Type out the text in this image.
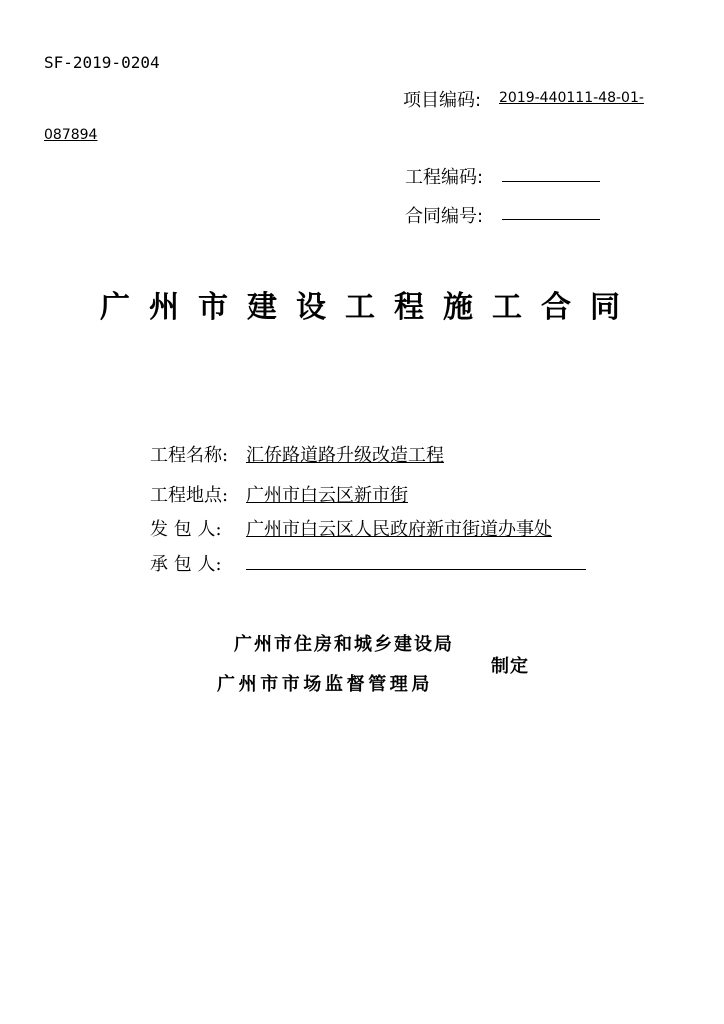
SF-2019-0204
项目编码: 2019-440111-48-01-
087894
工程编码:
合同编号:
广 州 市 建 设 工 程 施 工 合 同
工程名称: 汇侨路道路升级改造工程
工程地点: 广州市白云区新市街
发 包 人:	广州市白云区人民政府新市街道办事处
承 包 人:
广州市住房和城乡建设局
广州市市场监督管理局
制定
